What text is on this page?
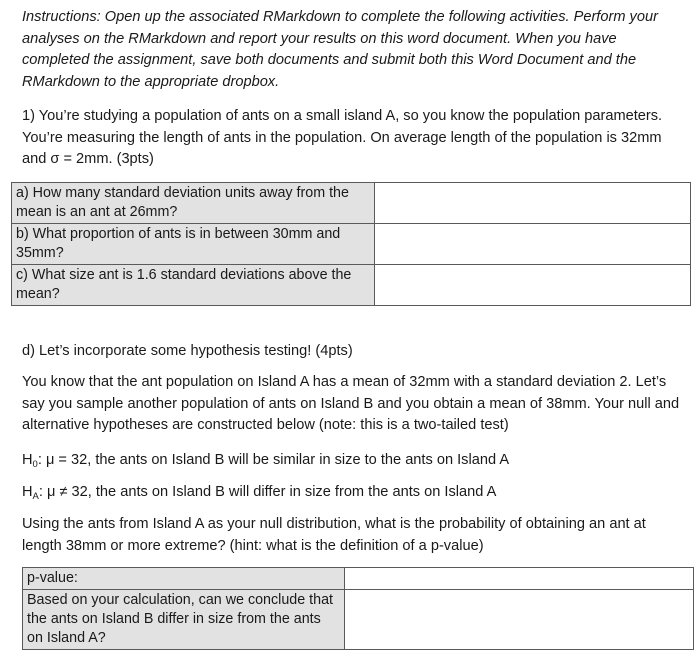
Instructions: Open up the associated RMarkdown to complete the following activities. Perform your analyses on the RMarkdown and report your results on this word document. When you have completed the assignment, save both documents and submit both this Word Document and the RMarkdown to the appropriate dropbox.

1) You’re studying a population of ants on a small island A, so you know the population parameters. You’re measuring the length of ants in the population. On average length of the population is 32mm and σ = 2mm. (3pts)

a) How many standard deviation units away from the mean is an ant at 26mm?	
b) What proportion of ants is in between 30mm and 35mm?	
c) What size ant is 1.6 standard deviations above the mean?	

d) Let’s incorporate some hypothesis testing! (4pts)

You know that the ant population on Island A has a mean of 32mm with a standard deviation 2. Let’s say you sample another population of ants on Island B and you obtain a mean of 38mm. Your null and alternative hypotheses are constructed below (note: this is a two-tailed test)

$H_0$: μ = 32, the ants on Island B will be similar in size to the ants on Island A

$H_A$: μ ≠ 32, the ants on Island B will differ in size from the ants on Island A

Using the ants from Island A as your null distribution, what is the probability of obtaining an ant at length 38mm or more extreme? (hint: what is the definition of a p-value)

p-value:	
Based on your calculation, can we conclude that the ants on Island B differ in size from the ants on Island A?	
